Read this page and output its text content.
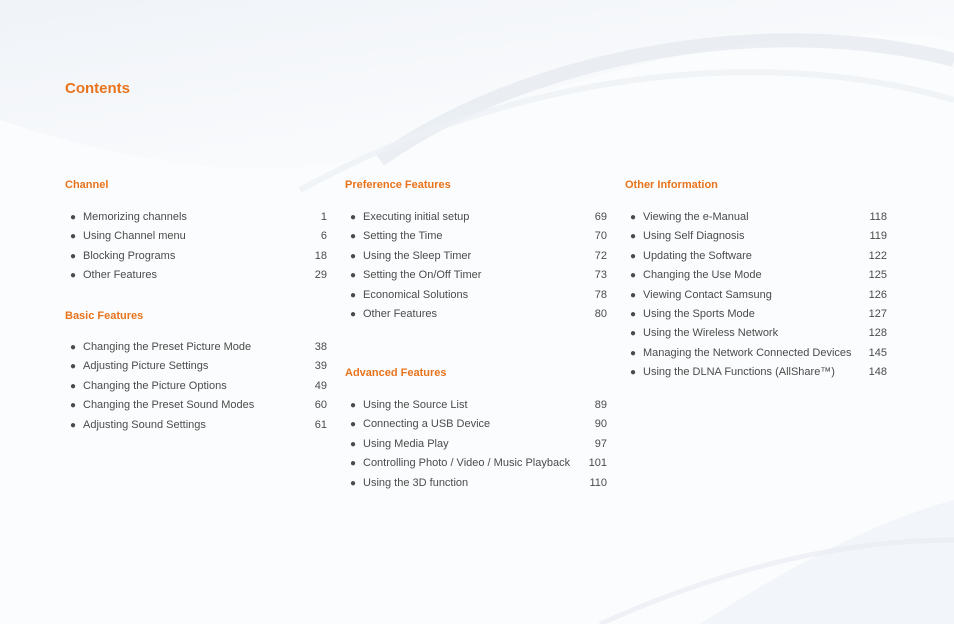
Contents
Channel
● Memorizing channels	1
● Using Channel menu	6
● Blocking Programs	18
● Other Features	29
Basic Features
● Changing the Preset Picture Mode	38
● Adjusting Picture Settings	39
● Changing the Picture Options	49
● Changing the Preset Sound Modes	60
● Adjusting Sound Settings	61
Preference Features
● Executing initial setup	69
● Setting the Time	70
● Using the Sleep Timer	72
● Setting the On/Off Timer	73
● Economical Solutions	78
● Other Features	80
Advanced Features
● Using the Source List	89
● Connecting a USB Device	90
● Using Media Play	97
● Controlling Photo / Video / Music Playback 101
● Using the 3D function	110
Other Information
● Viewing the e-Manual	118
● Using Self Diagnosis	119
● Updating the Software	122
● Changing the Use Mode	125
● Viewing Contact Samsung	126
● Using the Sports Mode	127
● Using the Wireless Network	128
● Managing the Network Connected Devices 145
● Using the DLNA Functions (AllShare™)	148
